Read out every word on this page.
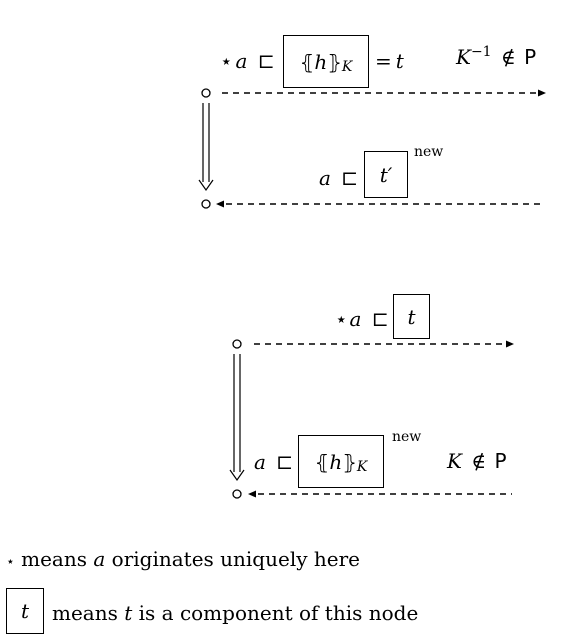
⋆ a ⊏ ⦃ h ⦄ K = t	$K^{-1}$ ∉ P
a ⊏ t′
new
⋆ a ⊏ t
a ⊏ ⦃ h ⦄ K
new
K ∉ P
⋆ means a originates uniquely here
t means t is a component of this node
